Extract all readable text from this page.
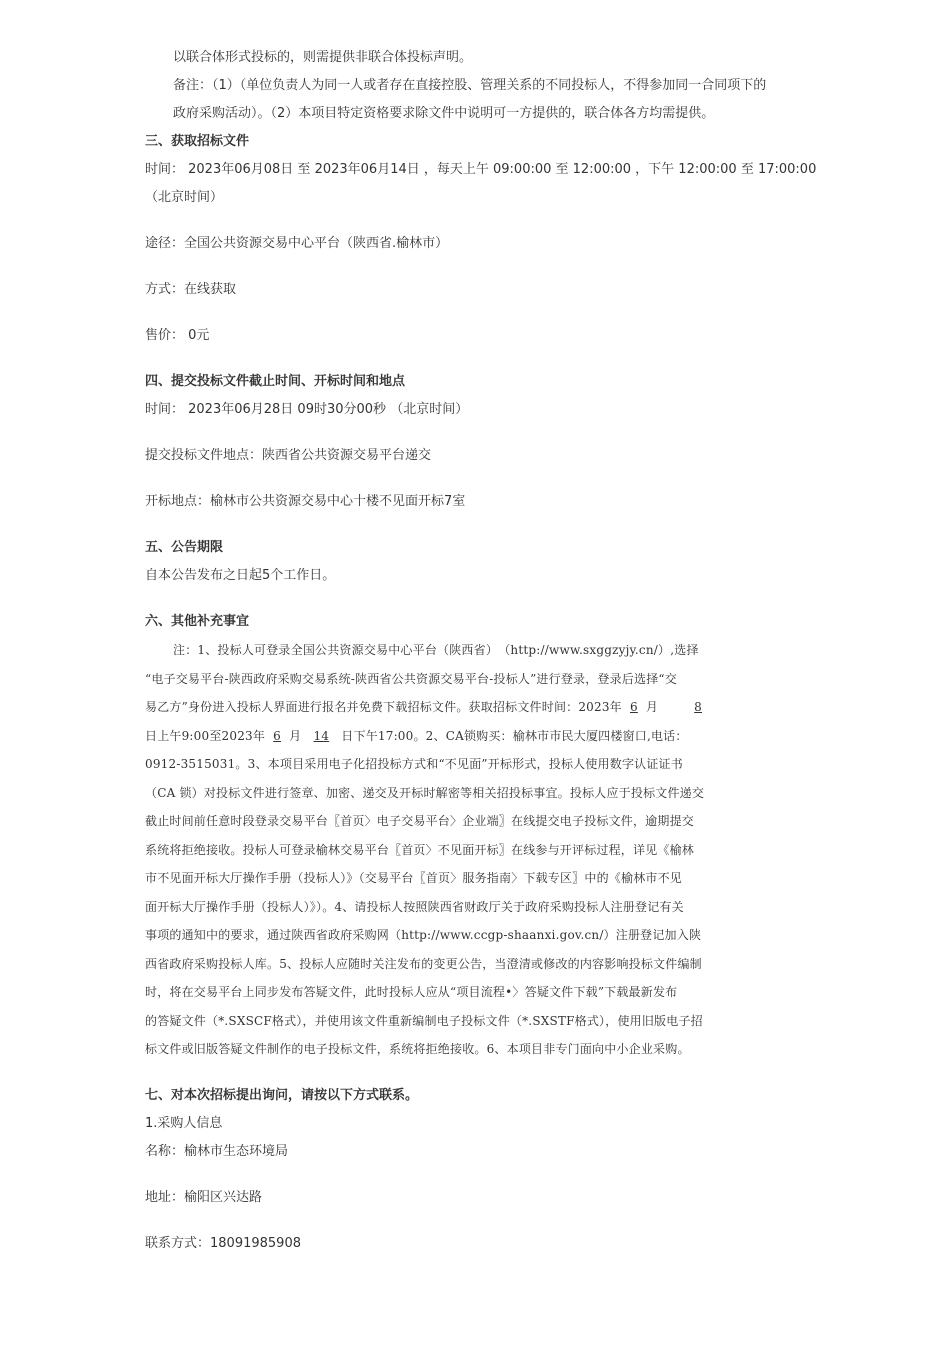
以联合体形式投标的，则需提供非联合体投标声明。
备注：（1）（单位负责人为同一人或者存在直接控股、管理关系的不同投标人，不得参加同一合同项下的
政府采购活动）。（2）本项目特定资格要求除文件中说明可一方提供的，联合体各方均需提供。
三、获取招标文件
时间： 2023年06月08日 至 2023年06月14日 ，每天上午 09:00:00 至 12:00:00 ，下午 12:00:00 至 17:00:00
（北京时间）
途径：全国公共资源交易中心平台（陕西省.榆林市）
方式：在线获取
售价： 0元
四、提交投标文件截止时间、开标时间和地点
时间： 2023年06月28日 09时30分00秒 （北京时间）
提交投标文件地点：陕西省公共资源交易平台递交
开标地点：榆林市公共资源交易中心十楼不见面开标7室
五、公告期限
自本公告发布之日起5个工作日。
六、其他补充事宜
注：1、投标人可登录全国公共资源交易中心平台（陕西省）　（http://www.sxggzyjy.cn/）,选择
“电子交易平台-陕西政府采购交易系统-陕西省公共资源交易平台-投标人”进行登录，登录后选择“交
易乙方”身份进入投标人界面进行报名并免费下载招标文件。获取招标文件时间：2023年 6 月	8
日上午9:00至2023年 6 月 14 日下午17:00。2、CA锁购买：榆林市市民大厦四楼窗口,电话：
0912-3515031。3、本项目采用电子化招投标方式和“不见面”开标形式，投标人使用数字认证证书
（CA 锁）对投标文件进行签章、加密、递交及开标时解密等相关招投标事宜。投标人应于投标文件递交
截止时间前任意时段登录交易平台〖首页〉电子交易平台〉企业端〗在线提交电子投标文件，逾期提交
系统将拒绝接收。投标人可登录榆林交易平台〖首页〉不见面开标〗在线参与开评标过程，详见《榆林
市不见面开标大厅操作手册（投标人）》（交易平台〖首页〉服务指南〉下载专区〗中的《榆林市不见
面开标大厅操作手册（投标人）》）。4、请投标人按照陕西省财政厅关于政府采购投标人注册登记有关
事项的通知中的要求，通过陕西省政府采购网（http://www.ccgp-shaanxi.gov.cn/）注册登记加入陕
西省政府采购投标人库。5、投标人应随时关注发布的变更公告，当澄清或修改的内容影响投标文件编制
时，将在交易平台上同步发布答疑文件，此时投标人应从“项目流程•〉答疑文件下载”下载最新发布
的答疑文件（*.SXSCF格式），并使用该文件重新编制电子投标文件（*.SXSTF格式），使用旧版电子招
标文件或旧版答疑文件制作的电子投标文件，系统将拒绝接收。6、本项目非专门面向中小企业采购。
七、对本次招标提出询问，请按以下方式联系。
1.采购人信息
名称：榆林市生态环境局
地址：榆阳区兴达路
联系方式：18091985908
